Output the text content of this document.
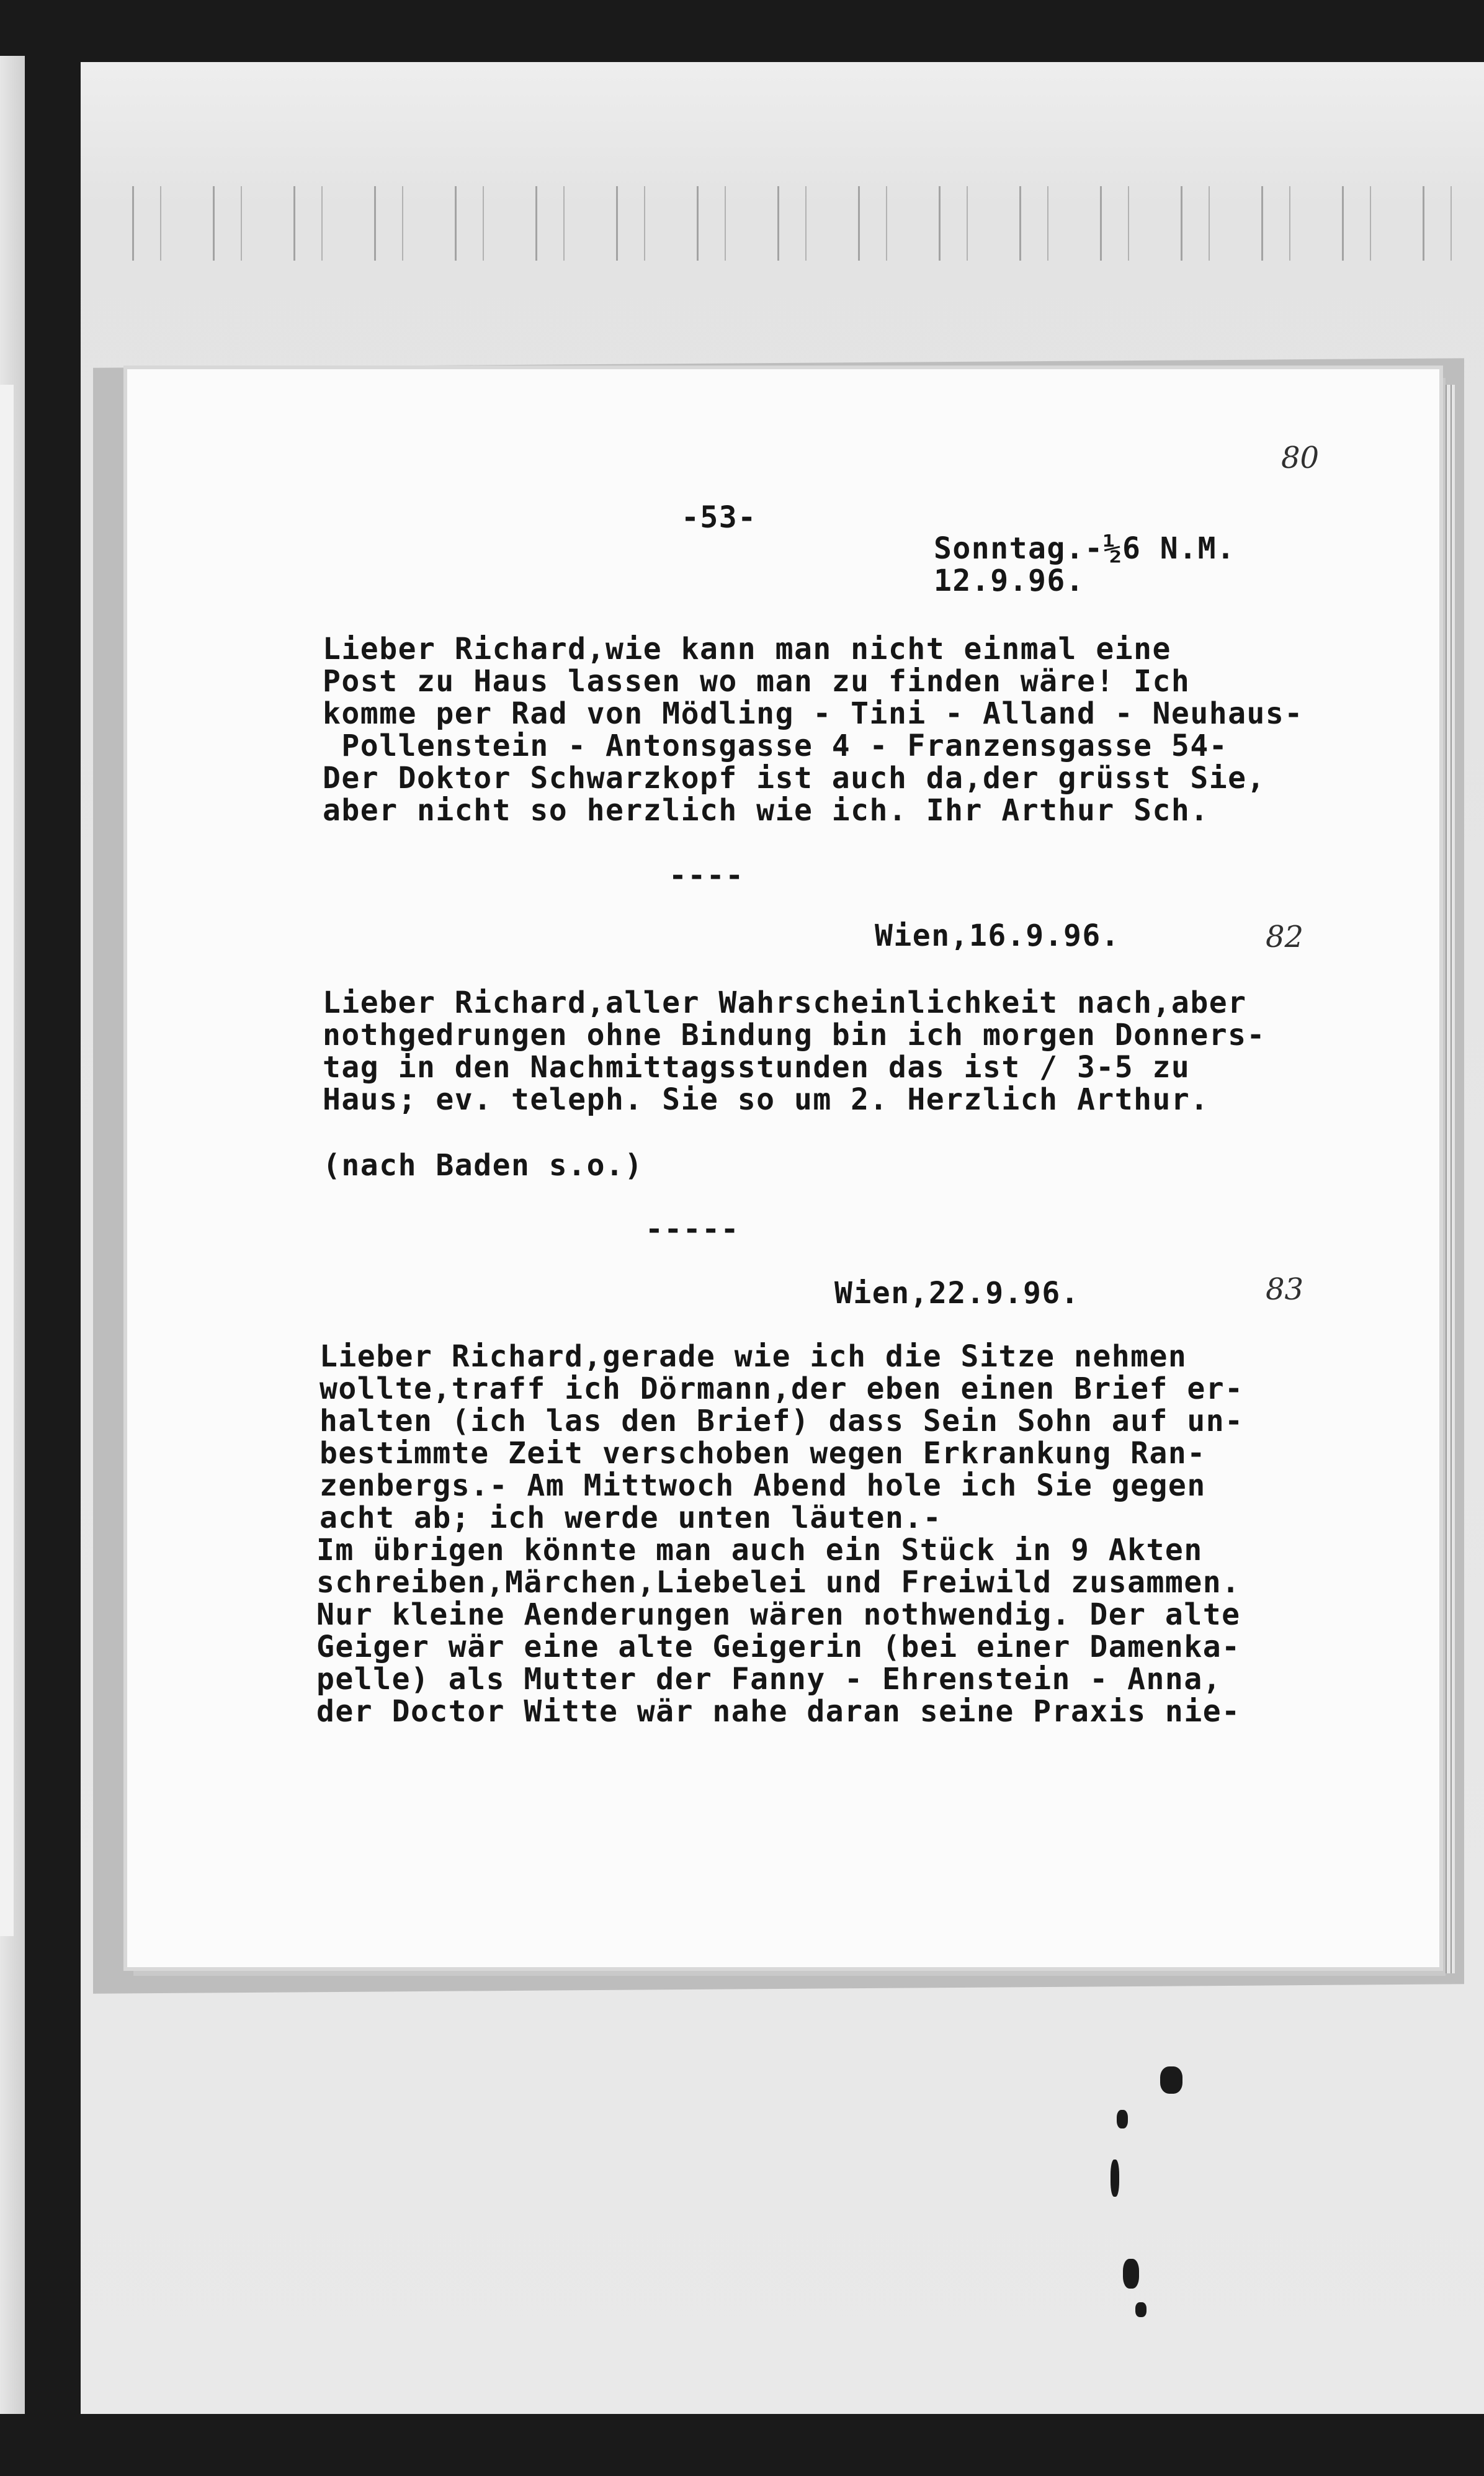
80
-53-
Sonntag.-½6 N.M.
12.9.96.
Lieber Richard,wie kann man nicht einmal eine
Post zu Haus lassen wo man zu finden wäre! Ich
komme per Rad von Mödling - Tini - Alland - Neuhaus-
Pollenstein - Antonsgasse 4 - Franzensgasse 54-
Der Doktor Schwarzkopf ist auch da,der grüsst Sie,
aber nicht so herzlich wie ich. Ihr Arthur Sch.
----
Wien,16.9.96.	82
Lieber Richard,aller Wahrscheinlichkeit nach,aber
nothgedrungen ohne Bindung bin ich morgen Donners-
tag in den Nachmittagsstunden das ist / 3-5 zu
Haus; ev. teleph. Sie so um 2. Herzlich Arthur.
(nach Baden s.o.)
-----
Wien,22.9.96.	83
Lieber Richard,gerade wie ich die Sitze nehmen
wollte,traff ich Dörmann,der eben einen Brief er-
halten (ich las den Brief) dass Sein Sohn auf un-
bestimmte Zeit verschoben wegen Erkrankung Ran-
zenbergs.- Am Mittwoch Abend hole ich Sie gegen
acht ab; ich werde unten läuten.-
Im übrigen könnte man auch ein Stück in 9 Akten
schreiben,Märchen,Liebelei und Freiwild zusammen.
Nur kleine Aenderungen wären nothwendig. Der alte
Geiger wär eine alte Geigerin (bei einer Damenka-
pelle) als Mutter der Fanny - Ehrenstein - Anna,
der Doctor Witte wär nahe daran seine Praxis nie-
